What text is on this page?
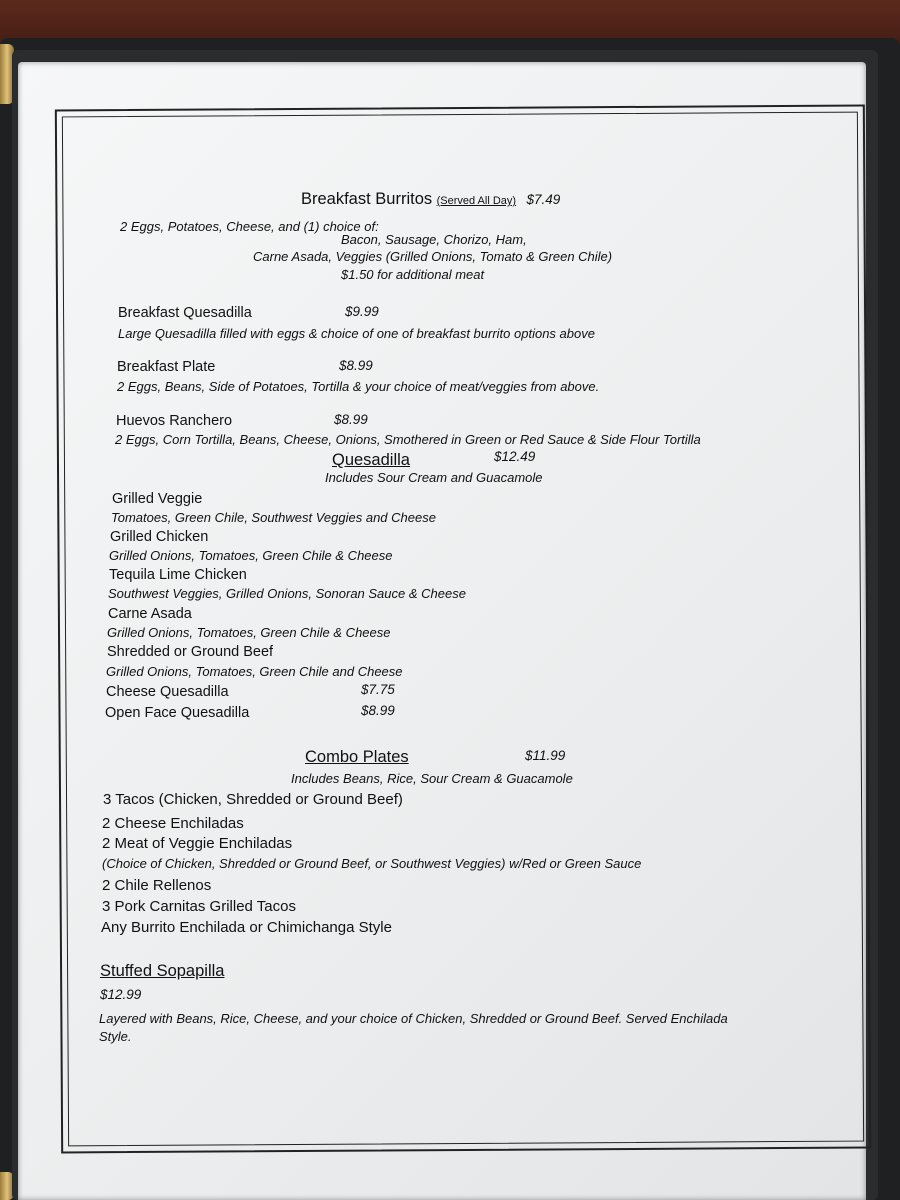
Breakfast Burritos (Served All Day) $7.49
2 Eggs, Potatoes, Cheese, and (1) choice of:
Bacon, Sausage, Chorizo, Ham,
Carne Asada, Veggies (Grilled Onions, Tomato & Green Chile)
$1.50 for additional meat
Breakfast Quesadilla	$9.99
Large Quesadilla filled with eggs & choice of one of breakfast burrito options above
Breakfast Plate	$8.99
2 Eggs, Beans, Side of Potatoes, Tortilla & your choice of meat/veggies from above.
Huevos Ranchero	$8.99
2 Eggs, Corn Tortilla, Beans, Cheese, Onions, Smothered in Green or Red Sauce & Side Flour Tortilla
Quesadilla	$12.49
Includes Sour Cream and Guacamole
Grilled Veggie
Tomatoes, Green Chile, Southwest Veggies and Cheese
Grilled Chicken
Grilled Onions, Tomatoes, Green Chile & Cheese
Tequila Lime Chicken
Southwest Veggies, Grilled Onions, Sonoran Sauce & Cheese
Carne Asada
Grilled Onions, Tomatoes, Green Chile & Cheese
Shredded or Ground Beef
Grilled Onions, Tomatoes, Green Chile and Cheese
Cheese Quesadilla	$7.75
Open Face Quesadilla	$8.99
Combo Plates	$11.99
Includes Beans, Rice, Sour Cream & Guacamole
3 Tacos (Chicken, Shredded or Ground Beef)
2 Cheese Enchiladas
2 Meat of Veggie Enchiladas
(Choice of Chicken, Shredded or Ground Beef, or Southwest Veggies) w/Red or Green Sauce
2 Chile Rellenos
3 Pork Carnitas Grilled Tacos
Any Burrito Enchilada or Chimichanga Style
Stuffed Sopapilla
$12.99
Layered with Beans, Rice, Cheese, and your choice of Chicken, Shredded or Ground Beef. Served Enchilada
Style.
